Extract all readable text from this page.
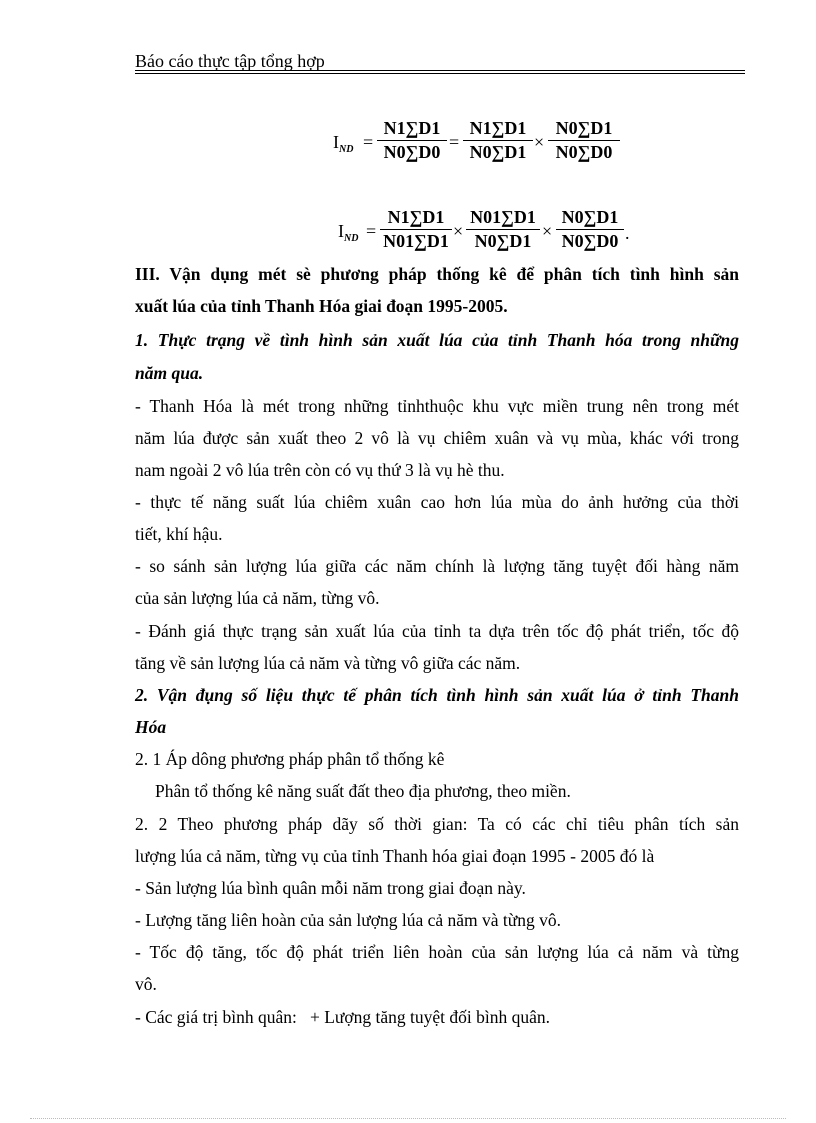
Báo cáo thực tập tổng hợp
$I_{ND}$ =
N1∑D1
N0∑D0 =
N1∑D1
N0∑D1 ×
N0∑D1
N0∑D0
$I_{ND}$ =
N1∑D1
N01∑D1 ×
N01∑D1
N0∑D1 ×
N0∑D1
N0∑D0 .
III. Vận dụng mét sè phương pháp thống kê để phân tích tình hình sản
xuất lúa của tỉnh Thanh Hóa giai đoạn 1995-2005.
1. Thực trạng về tình hình sản xuất lúa của tỉnh Thanh hóa trong những
năm qua.
- Thanh Hóa là mét trong những tỉnhthuộc khu vực miền trung nên trong mét
năm lúa được sản xuất theo 2 vô là vụ chiêm xuân và vụ mùa, khác với trong
nam ngoài 2 vô lúa trên còn có vụ thứ 3 là vụ hè thu.
- thực tế năng suất lúa chiêm xuân cao hơn lúa mùa do ảnh hưởng của thời
tiết, khí hậu.
- so sánh sản lượng lúa giữa các năm chính là lượng tăng tuyệt đối hàng năm
của sản lượng lúa cả năm, từng vô.
- Đánh giá thực trạng sản xuất lúa của tỉnh ta dựa trên tốc độ phát triển, tốc độ
tăng về sản lượng lúa cả năm và từng vô giữa các năm.
2. Vận đụng số liệu thực tế phân tích tình hình sản xuất lúa ở tỉnh Thanh
Hóa
2. 1 Áp dông phương pháp phân tổ thống kê
Phân tổ thống kê năng suất đất theo địa phương, theo miền.
2. 2 Theo phương pháp dãy số thời gian: Ta có các chỉ tiêu phân tích sản
lượng lúa cả năm, từng vụ của tỉnh Thanh hóa giai đoạn 1995 - 2005 đó là
- Sản lượng lúa bình quân mỗi năm trong giai đoạn này.
- Lượng tăng liên hoàn của sản lượng lúa cả năm và từng vô.
- Tốc độ tăng, tốc độ phát triển liên hoàn của sản lượng lúa cả năm và từng
vô.
- Các giá trị bình quân:   + Lượng tăng tuyệt đối bình quân.
